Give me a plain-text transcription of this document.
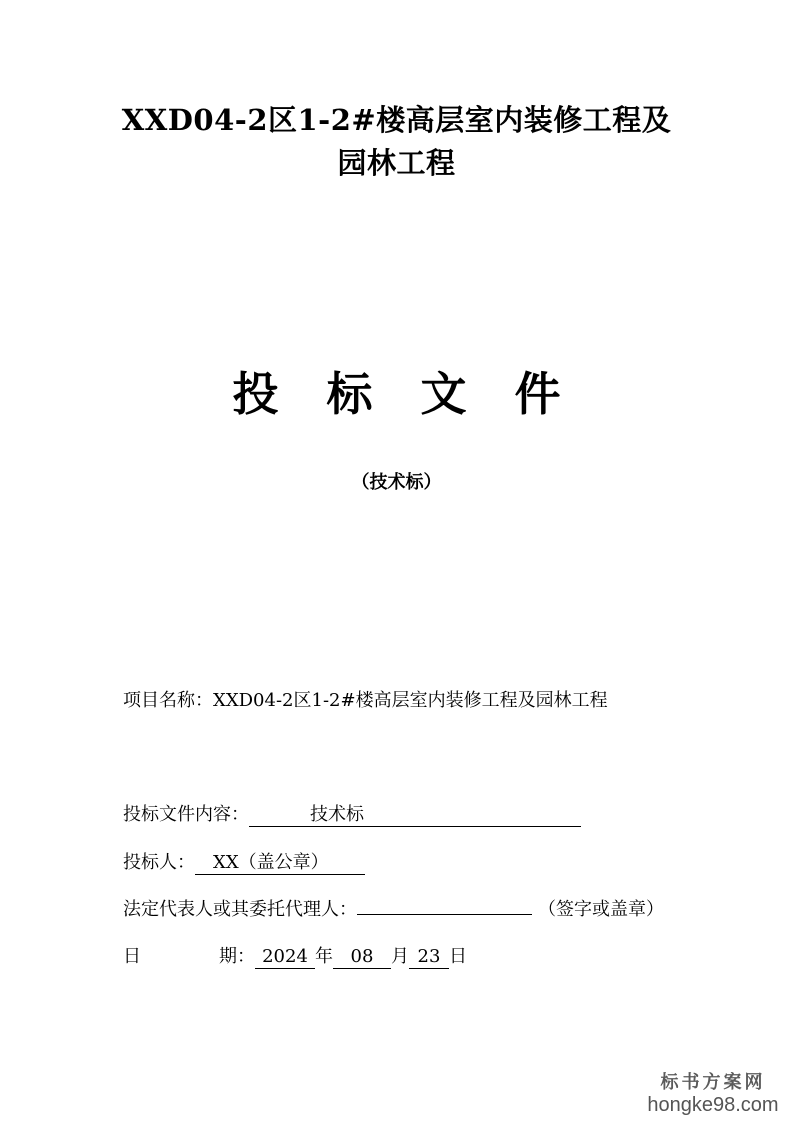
XXD04-2区1-2#楼高层室内装修工程及
园林工程
投标文件
（技术标）
项目名称： XXD04-2区1-2#楼高层室内装修工程及园林工程
投标文件内容：	技术标
投标人：	XX（盖公章）
法定代表人或其委托代理人：	（签字或盖章）
日	期： 2024 年 08 月 23 日
标书方案网
hongke98.com
